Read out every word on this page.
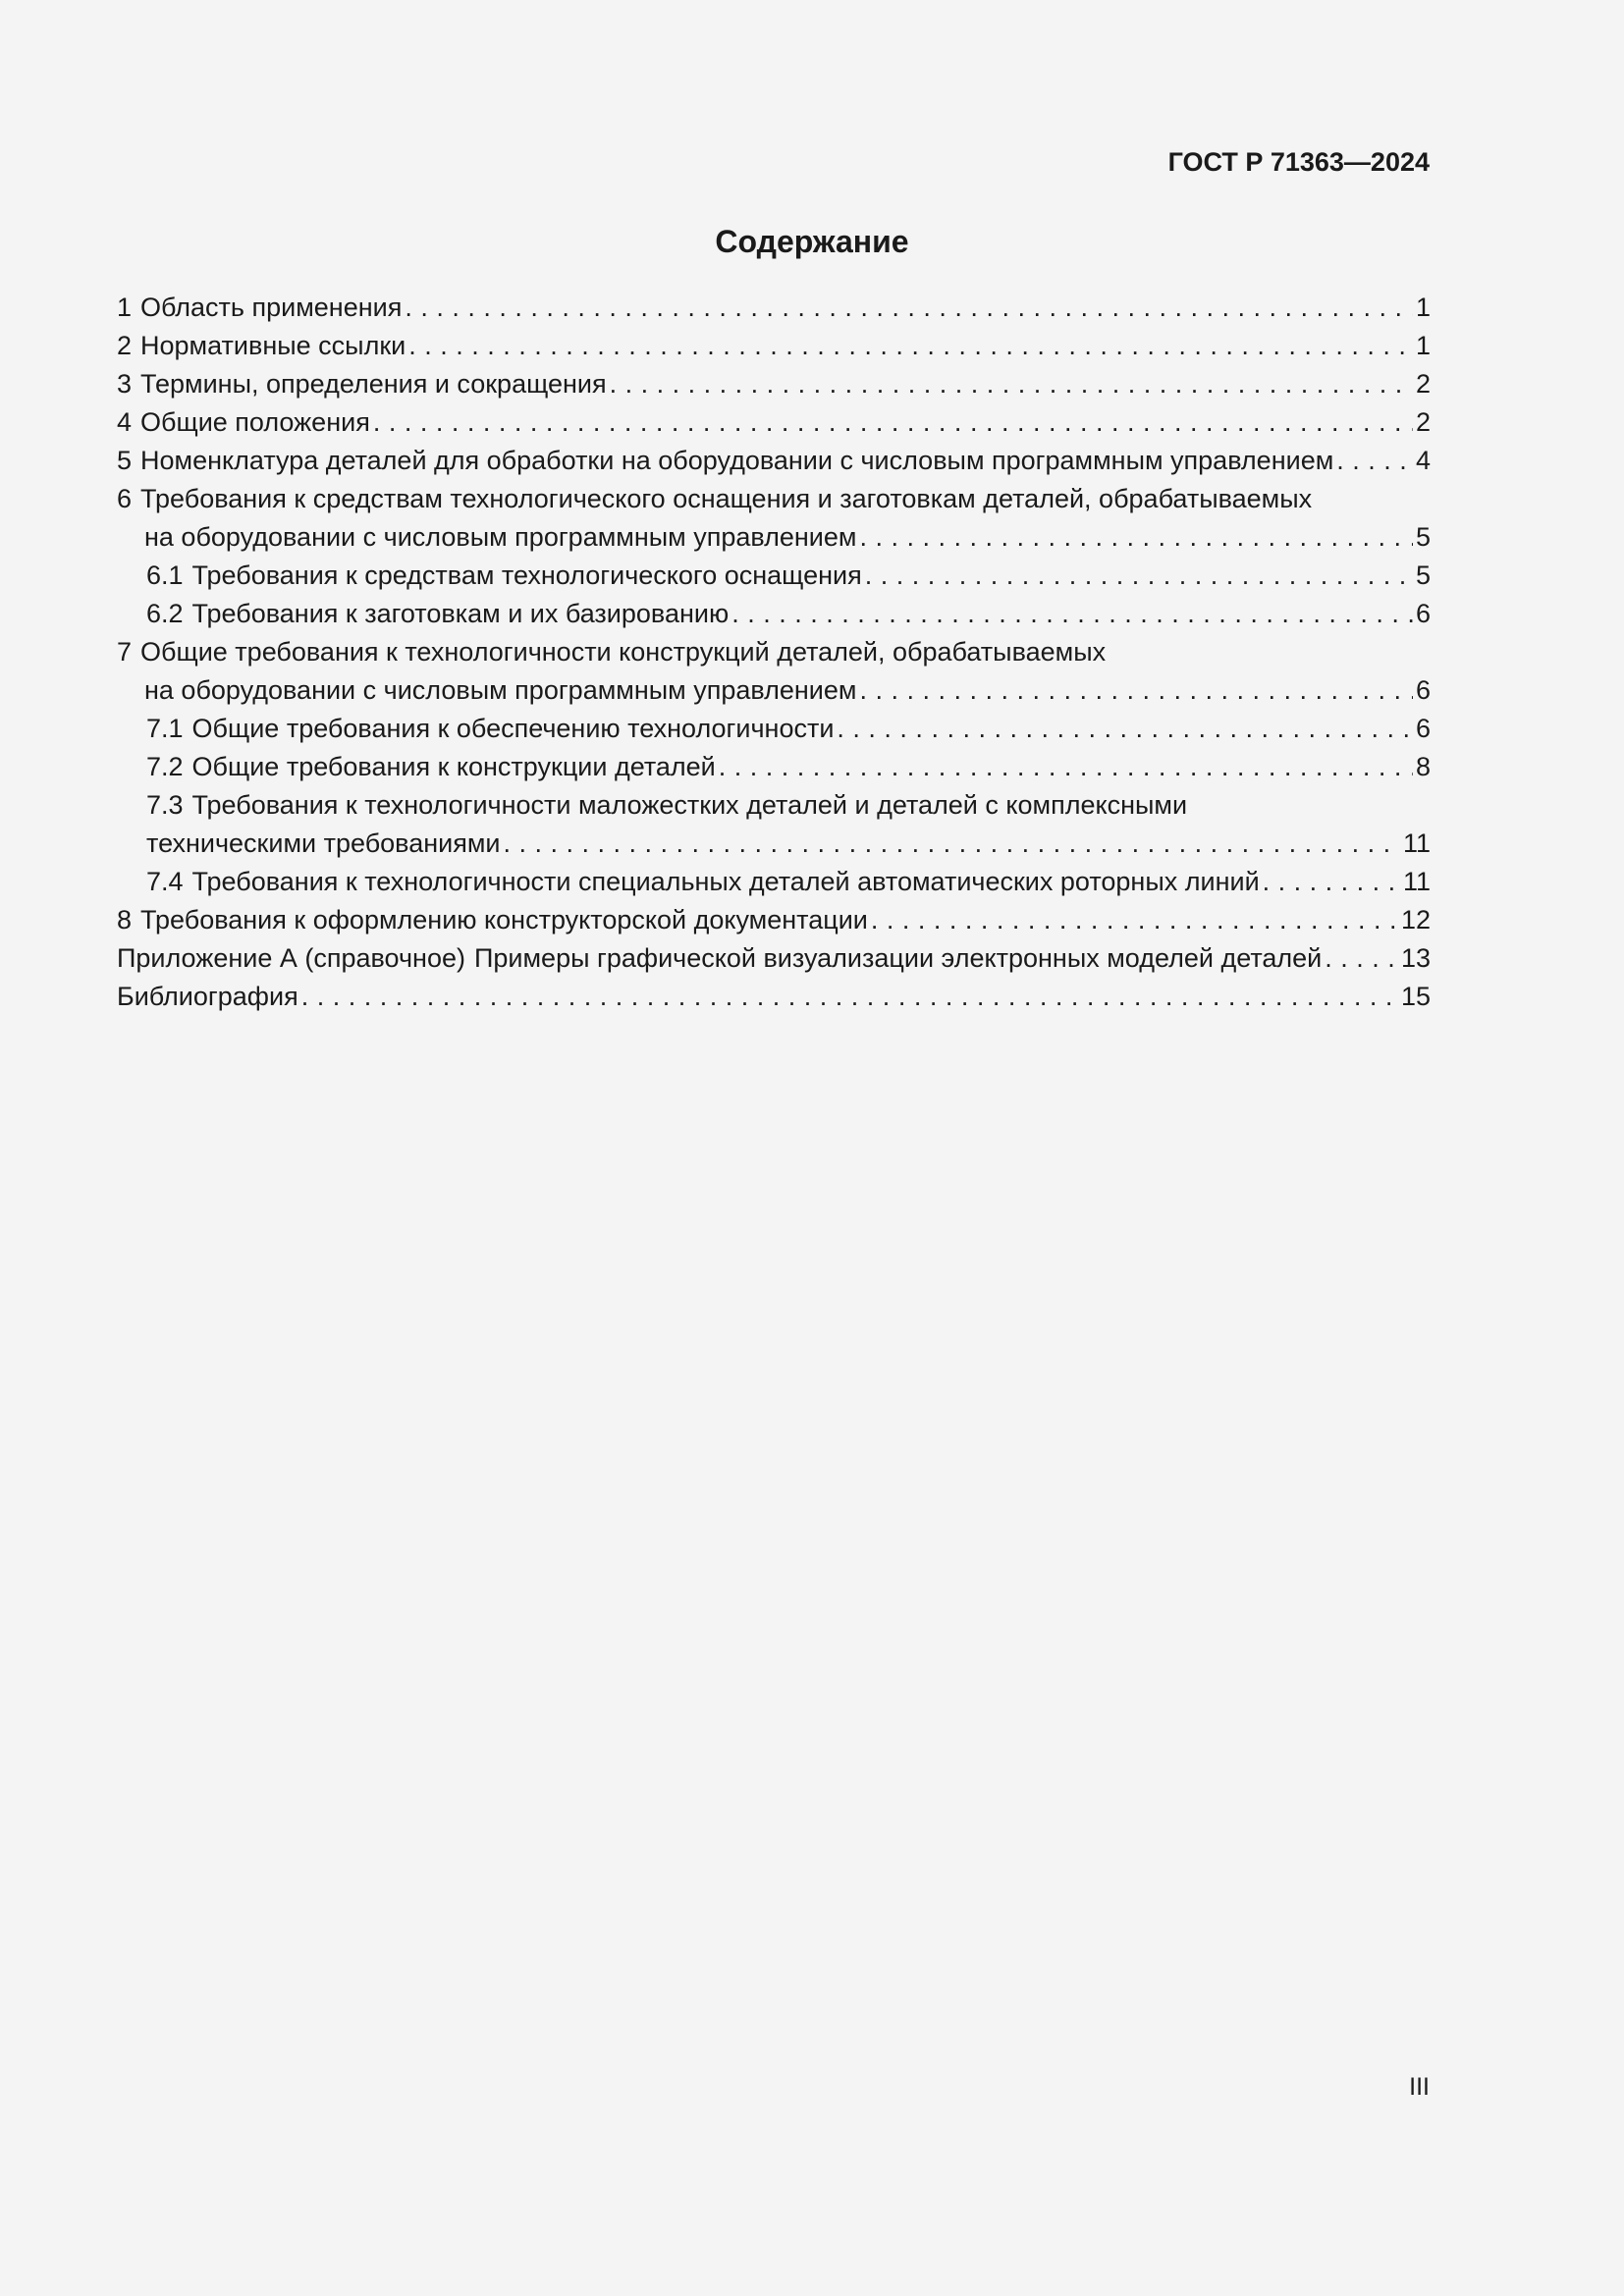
ГОСТ Р 71363—2024
Содержание
1 Область применения . . .	1
2 Нормативные ссылки . . .	1
3 Термины, определения и сокращения . . .	2
4 Общие положения . . .	2
5 Номенклатура деталей для обработки на оборудовании с числовым программным управлением . . .	4
6 Требования к средствам технологического оснащения и заготовкам деталей, обрабатываемых
на оборудовании с числовым программным управлением . . .	5
6.1 Требования к средствам технологического оснащения . . .	5
6.2 Требования к заготовкам и их базированию . . .	6
7 Общие требования к технологичности конструкций деталей, обрабатываемых
на оборудовании с числовым программным управлением . . .	6
7.1 Общие требования к обеспечению технологичности . . .	6
7.2 Общие требования к конструкции деталей . . .	8
7.3 Требования к технологичности маложестких деталей и деталей с комплексными
техническими требованиями . . .	11
7.4 Требования к технологичности специальных деталей автоматических роторных линий . . .	11
8 Требования к оформлению конструкторской документации . . .	12
Приложение А (справочное) Примеры графической визуализации электронных моделей деталей . . .	13
Библиография . . .	15
III
